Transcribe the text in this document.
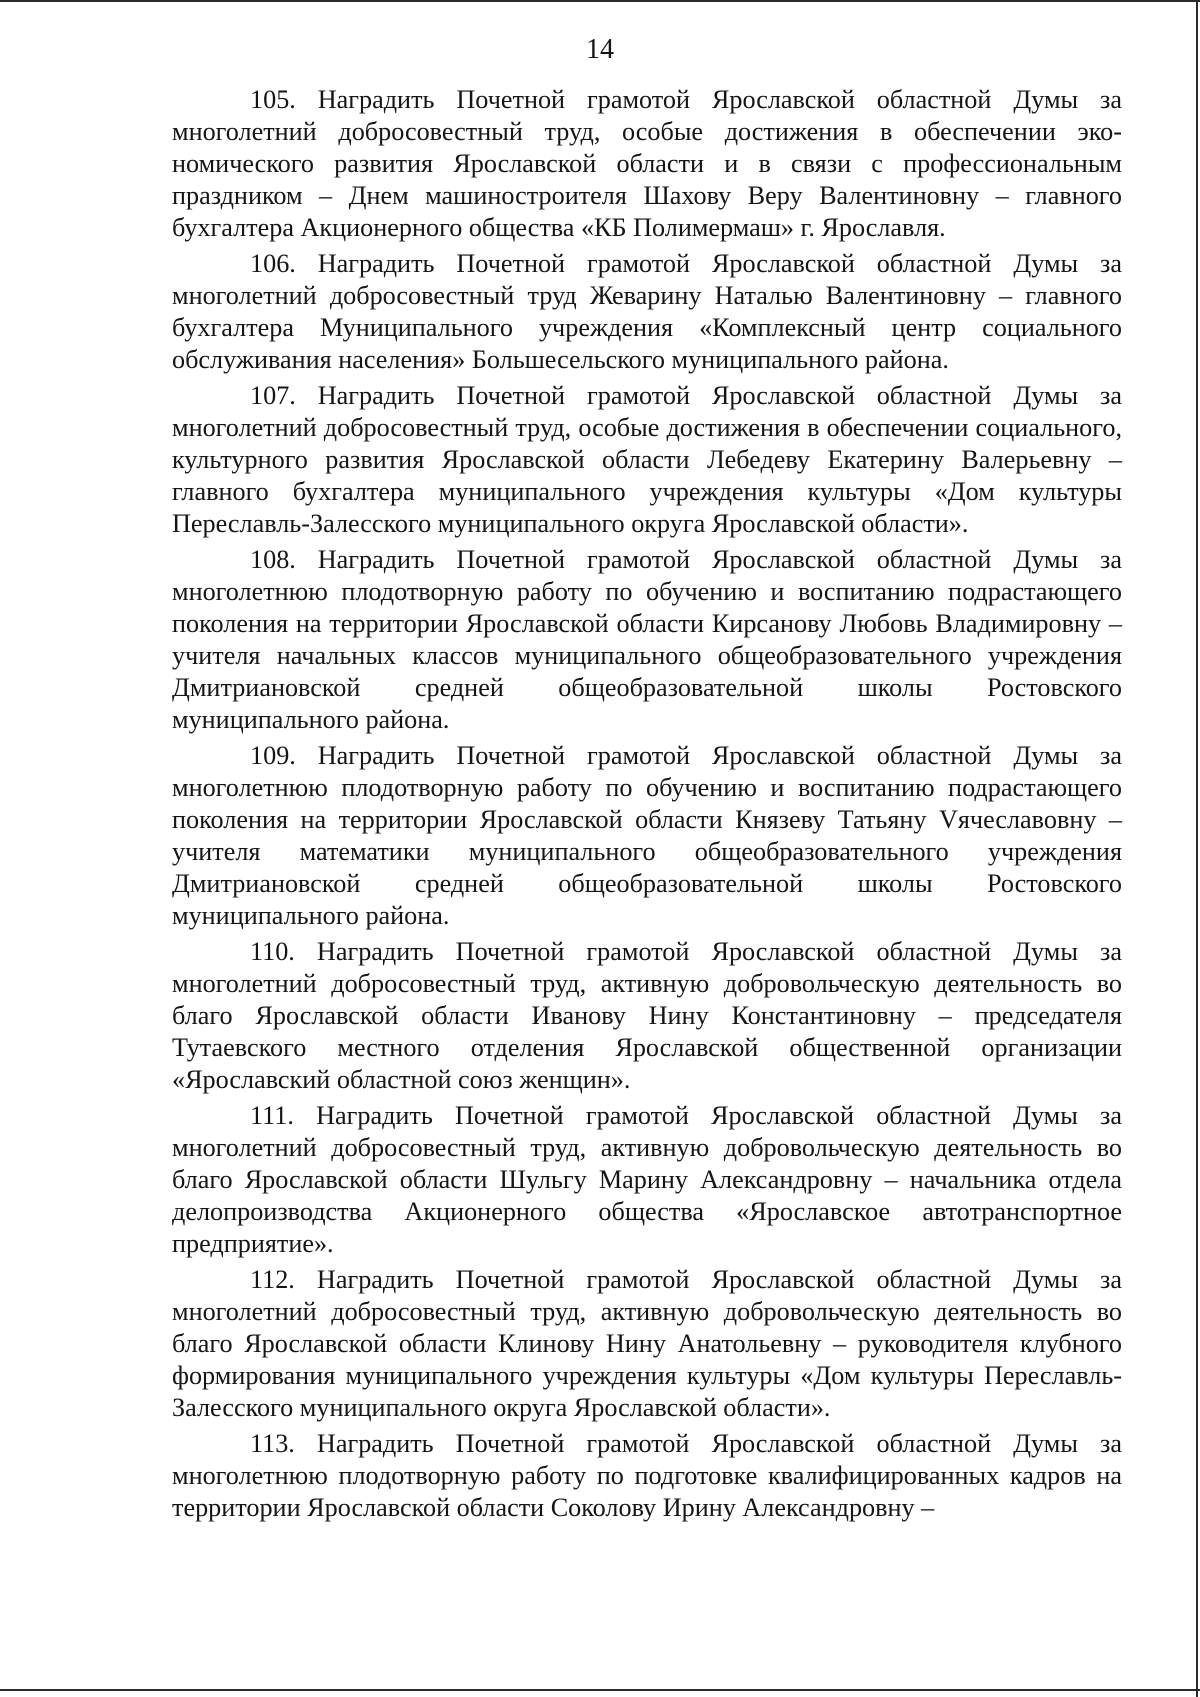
14

105. Наградить Почетной грамотой Ярославской областной Думы за многолетний добросовестный труд, особые достижения в обеспечении экономического развития Ярославской области и в связи с профессиональным праздником – Днем машиностроителя Шахову Веру Валентиновну – главного бухгалтера Акционерного общества «КБ Полимермаш» г. Ярославля.

106. Наградить Почетной грамотой Ярославской областной Думы за многолетний добросовестный труд Жеварину Наталью Валентиновну – главного бухгалтера Муниципального учреждения «Комплексный центр социального обслуживания населения» Большесельского муниципального района.

107. Наградить Почетной грамотой Ярославской областной Думы за многолетний добросовестный труд, особые достижения в обеспечении социального, культурного развития Ярославской области Лебедеву Екатерину Валерьевну – главного бухгалтера муниципального учреждения культуры «Дом культуры Переславль-Залесского муниципального округа Ярославской области».

108. Наградить Почетной грамотой Ярославской областной Думы за многолетнюю плодотворную работу по обучению и воспитанию подрастающего поколения на территории Ярославской области Кирсанову Любовь Владимировну – учителя начальных классов муниципального общеобразовательного учреждения Дмитриановской средней общеобразовательной школы Ростовского муниципального района.

109. Наградить Почетной грамотой Ярославской областной Думы за многолетнюю плодотворную работу по обучению и воспитанию подрастающего поколения на территории Ярославской области Князеву Татьяну Vячеславовну – учителя математики муниципального общеобразовательного учреждения Дмитриановской средней общеобразовательной школы Ростовского муниципального района.

110. Наградить Почетной грамотой Ярославской областной Думы за многолетний добросовестный труд, активную добровольческую деятельность во благо Ярославской области Иванову Нину Константиновну – председателя Тутаевского местного отделения Ярославской общественной организации «Ярославский областной союз женщин».

111. Наградить Почетной грамотой Ярославской областной Думы за многолетний добросовестный труд, активную добровольческую деятельность во благо Ярославской области Шульгу Марину Александровну – начальника отдела делопроизводства Акционерного общества «Ярославское автотранспортное предприятие».

112. Наградить Почетной грамотой Ярославской областной Думы за многолетний добросовестный труд, активную добровольческую деятельность во благо Ярославской области Клинову Нину Анатольевну – руководителя клубного формирования муниципального учреждения культуры «Дом культуры Переславль-Залесского муниципального округа Ярославской области».

113. Наградить Почетной грамотой Ярославской областной Думы за многолетнюю плодотворную работу по подготовке квалифицированных кадров на территории Ярославской области Соколову Ирину Александровну –
